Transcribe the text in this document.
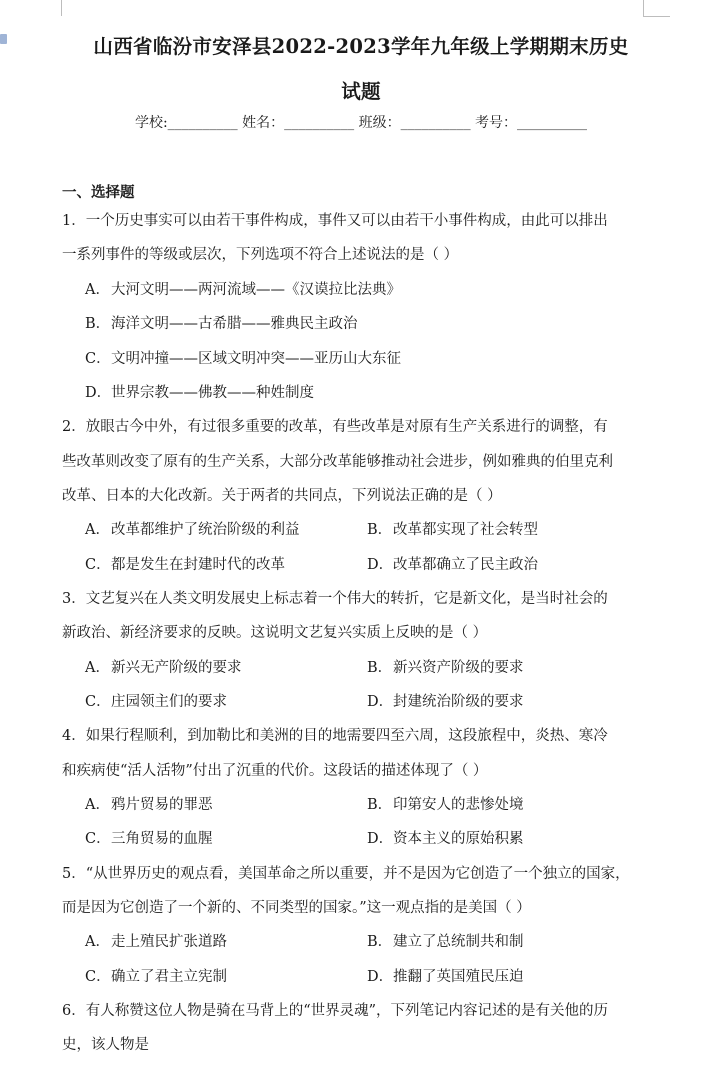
山西省临汾市安泽县2022-2023学年九年级上学期期末历史
试题
学校:__________ 姓名：__________ 班级：__________ 考号：__________
一、选择题
1．一个历史事实可以由若干事件构成，事件又可以由若干小事件构成，由此可以排出
一系列事件的等级或层次，下列选项不符合上述说法的是（ ）
A．大河文明——两河流域——《汉谟拉比法典》
B．海洋文明——古希腊——雅典民主政治
C．文明冲撞——区域文明冲突——亚历山大东征
D．世界宗教——佛教——种姓制度
2．放眼古今中外，有过很多重要的改革，有些改革是对原有生产关系进行的调整，有
些改革则改变了原有的生产关系，大部分改革能够推动社会进步，例如雅典的伯里克利
改革、日本的大化改新。关于两者的共同点，下列说法正确的是（ ）
A．改革都维护了统治阶级的利益	B．改革都实现了社会转型
C．都是发生在封建时代的改革	D．改革都确立了民主政治
3．文艺复兴在人类文明发展史上标志着一个伟大的转折，它是新文化，是当时社会的
新政治、新经济要求的反映。这说明文艺复兴实质上反映的是（ ）
A．新兴无产阶级的要求	B．新兴资产阶级的要求
C．庄园领主们的要求	D．封建统治阶级的要求
4．如果行程顺利，到加勒比和美洲的目的地需要四至六周，这段旅程中，炎热、寒冷
和疾病使“活人活物”付出了沉重的代价。这段话的描述体现了（ ）
A．鸦片贸易的罪恶	B．印第安人的悲惨处境
C．三角贸易的血腥	D．资本主义的原始积累
5．“从世界历史的观点看，美国革命之所以重要，并不是因为它创造了一个独立的国家，
而是因为它创造了一个新的、不同类型的国家。”这一观点指的是美国（ ）
A．走上殖民扩张道路	B．建立了总统制共和制
C．确立了君主立宪制	D．推翻了英国殖民压迫
6．有人称赞这位人物是骑在马背上的“世界灵魂”，下列笔记内容记述的是有关他的历
史，该人物是
